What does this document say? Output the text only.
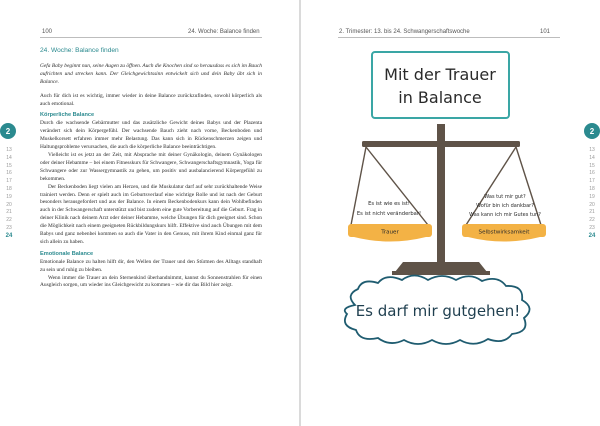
100	24. Woche: Balance finden
24. Woche: Balance finden

Gefa Baby beginnt nun, seine Augen zu öffnen. Auch die Knochen sind so herausdass es sich im Bauch aufrichten und strecken kann. Der Gleichgewichtssinn entwickelt sich und dein Baby übt sich in Balance.

Auch für dich ist es wichtig, immer wieder in deine Balance zurückzufinden, sowohl körperlich als auch emotional.

Körperliche Balance

Durch die wachsende Gebärmutter und das zusätzliche Gewicht deines Babys und der Plazenta verändert sich dein Körpergefühl. Der wachsende Bauch zieht nach vorne, Beckenboden und Muskelkorsett erfahren immer mehr Belastung. Das kann sich in Rückenschmerzen zeigen und Haltungsprobleme verursachen, die auch die körperliche Balance beeinträchtigen.

Vielleicht ist es jetzt an der Zeit, mit Absprache mit deiner Gynäkologin, deinem Gynäkologen oder deiner Hebamme – bei einem Fitnesskurs für Schwangere, Schwangerschaftsgymnastik, Yoga für Schwangere oder zur Wassergymnastik zu gehen, um positiv und ausbalancierend Körpergefühl zu bekommen.

Der Beckenboden liegt vielen am Herzen, und die Muskulatur darf auf sehr zurückhaltende Weise trainiert werden. Denn er spielt auch im Geburtsverlauf eine wichtige Rolle und ist nach der Geburt besonders herausgefordert und aus der Balance. In einem Beckenbodenkurs kann dein Wohlbefinden auch in der Schwangerschaft unterstützt und bist zudem eine gute Vorbereitung auf die Geburt. Frag in deiner Klinik nach deinem Arzt oder deiner Hebamme, welche Übungen für dich geeignet sind. Schon die Möglichkeit nach einem geeigneten Rückbildungskurs hilft. Effektive sind auch Übungen mit dem Babys und ganz nebenbei kommen so auch die Vater in den Genuss, mit ihrem Kind einmal ganz für sich allein zu haben.

Emotionale Balance

Emotionale Balance zu halten hilft dir, den Wellen der Trauer und den Stürmen des Alltags standhaft zu sein und ruhig zu bleiben.

Wenn immer die Trauer an dein Sternenkind überhandnimmt, kannst du Sonnenstrahlen für einen Ausgleich sorgen, um wieder ins Gleichgewicht zu kommen – wie dir das Bild hier zeigt.

2
13
14
15
16
17
18
19
20
21
22
23
24
2
13
14
15
16
17
18
19
20
21
22
23
24
2. Trimester: 13. bis 24. Schwangerschaftswoche	101
Mit der Trauer
in Balance
Es ist wie es ist!
Es ist nicht veränderbar!
Was tut mir gut?
Wofür bin ich dankbar?
Was kann ich mir Gutes tun?
Trauer	Selbstwirksamkeit
Es darf mir gutgehen!
